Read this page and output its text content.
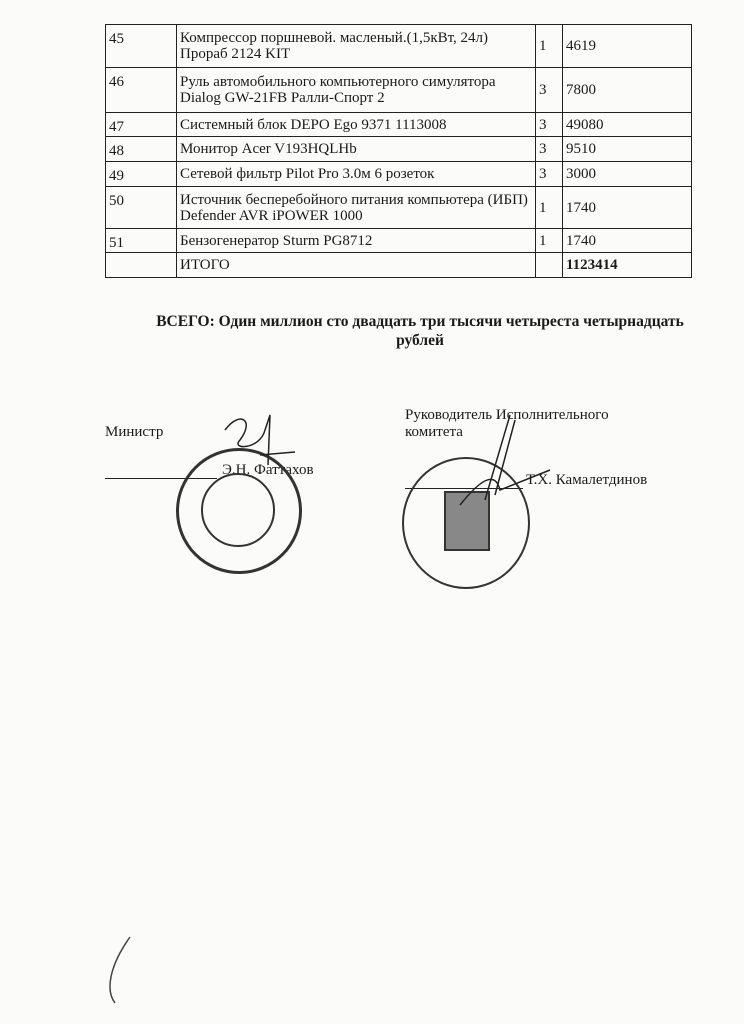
45	Компрессор поршневой. масленый.(1,5кВт, 24л) Прораб 2124 KIT	1	4619
46	Руль автомобильного компьютерного симулятора Dialog GW-21FB Ралли-Спорт 2	3	7800
47	Системный блок DEPO Ego 9371 1113008	3	49080
48	Монитор Acer V193HQLHb	3	9510
49	Сетевой фильтр Pilot Pro 3.0м 6 розеток	3	3000
50	Источник бесперебойного питания компьютера (ИБП) Defender AVR iPOWER 1000	1	1740
51	Бензогенератор Sturm PG8712	1	1740
	ИТОГО		1123414
ВСЕГО: Один миллион сто двадцать три тысячи четыреста четырнадцать рублей
Министр
Э.Н. Фаттахов
Руководитель Исполнительного комитета
Т.Х. Камалетдинов
